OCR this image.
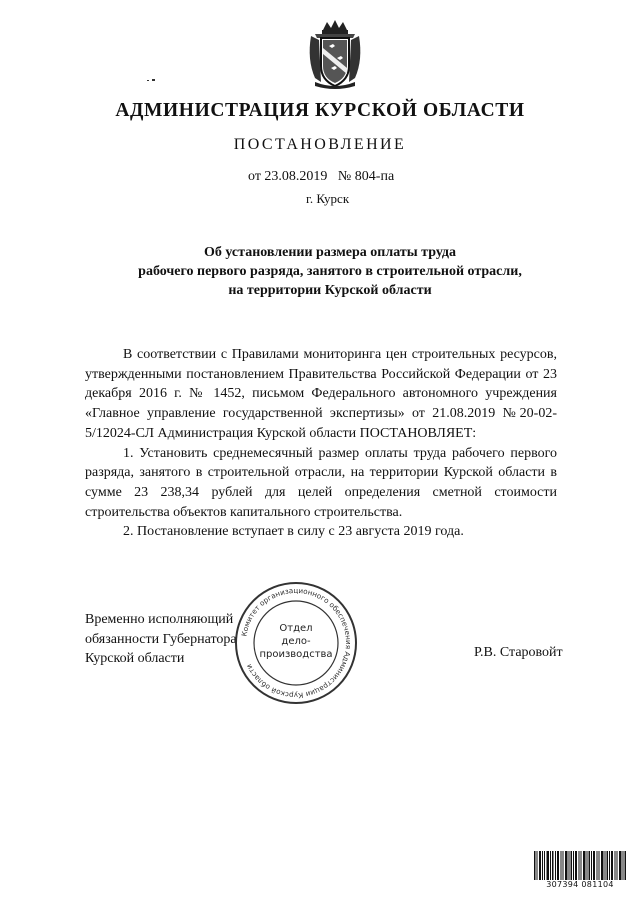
АДМИНИСТРАЦИЯ КУРСКОЙ ОБЛАСТИ
ПОСТАНОВЛЕНИЕ
от 23.08.2019   № 804-па
г. Курск
Об установлении размера оплаты труда
рабочего первого разряда, занятого в строительной отрасли,
на территории Курской области

В соответствии с Правилами мониторинга цен строительных ресурсов, утвержденными постановлением Правительства Российской Федерации от 23 декабря 2016 г. № 1452, письмом Федерального автономного учреждения «Главное управление государственной экспертизы» от 21.08.2019 №20-02-5/12024-СЛ Администрация Курской области ПОСТАНОВЛЯЕТ:

1. Установить среднемесячный размер оплаты труда рабочего первого разряда, занятого в строительной отрасли, на территории Курской области в сумме 23 238,34 рублей для целей определения сметной стоимости строительства объектов капитального строительства.

2. Постановление вступает в силу с 23 августа 2019 года.

Временно исполняющий
обязанности Губернатора
Курской области	Р.В. Старовойт
Комитет организационного обеспечения Администрации Курской области
Отдел
дело-
производства
307394 081104
